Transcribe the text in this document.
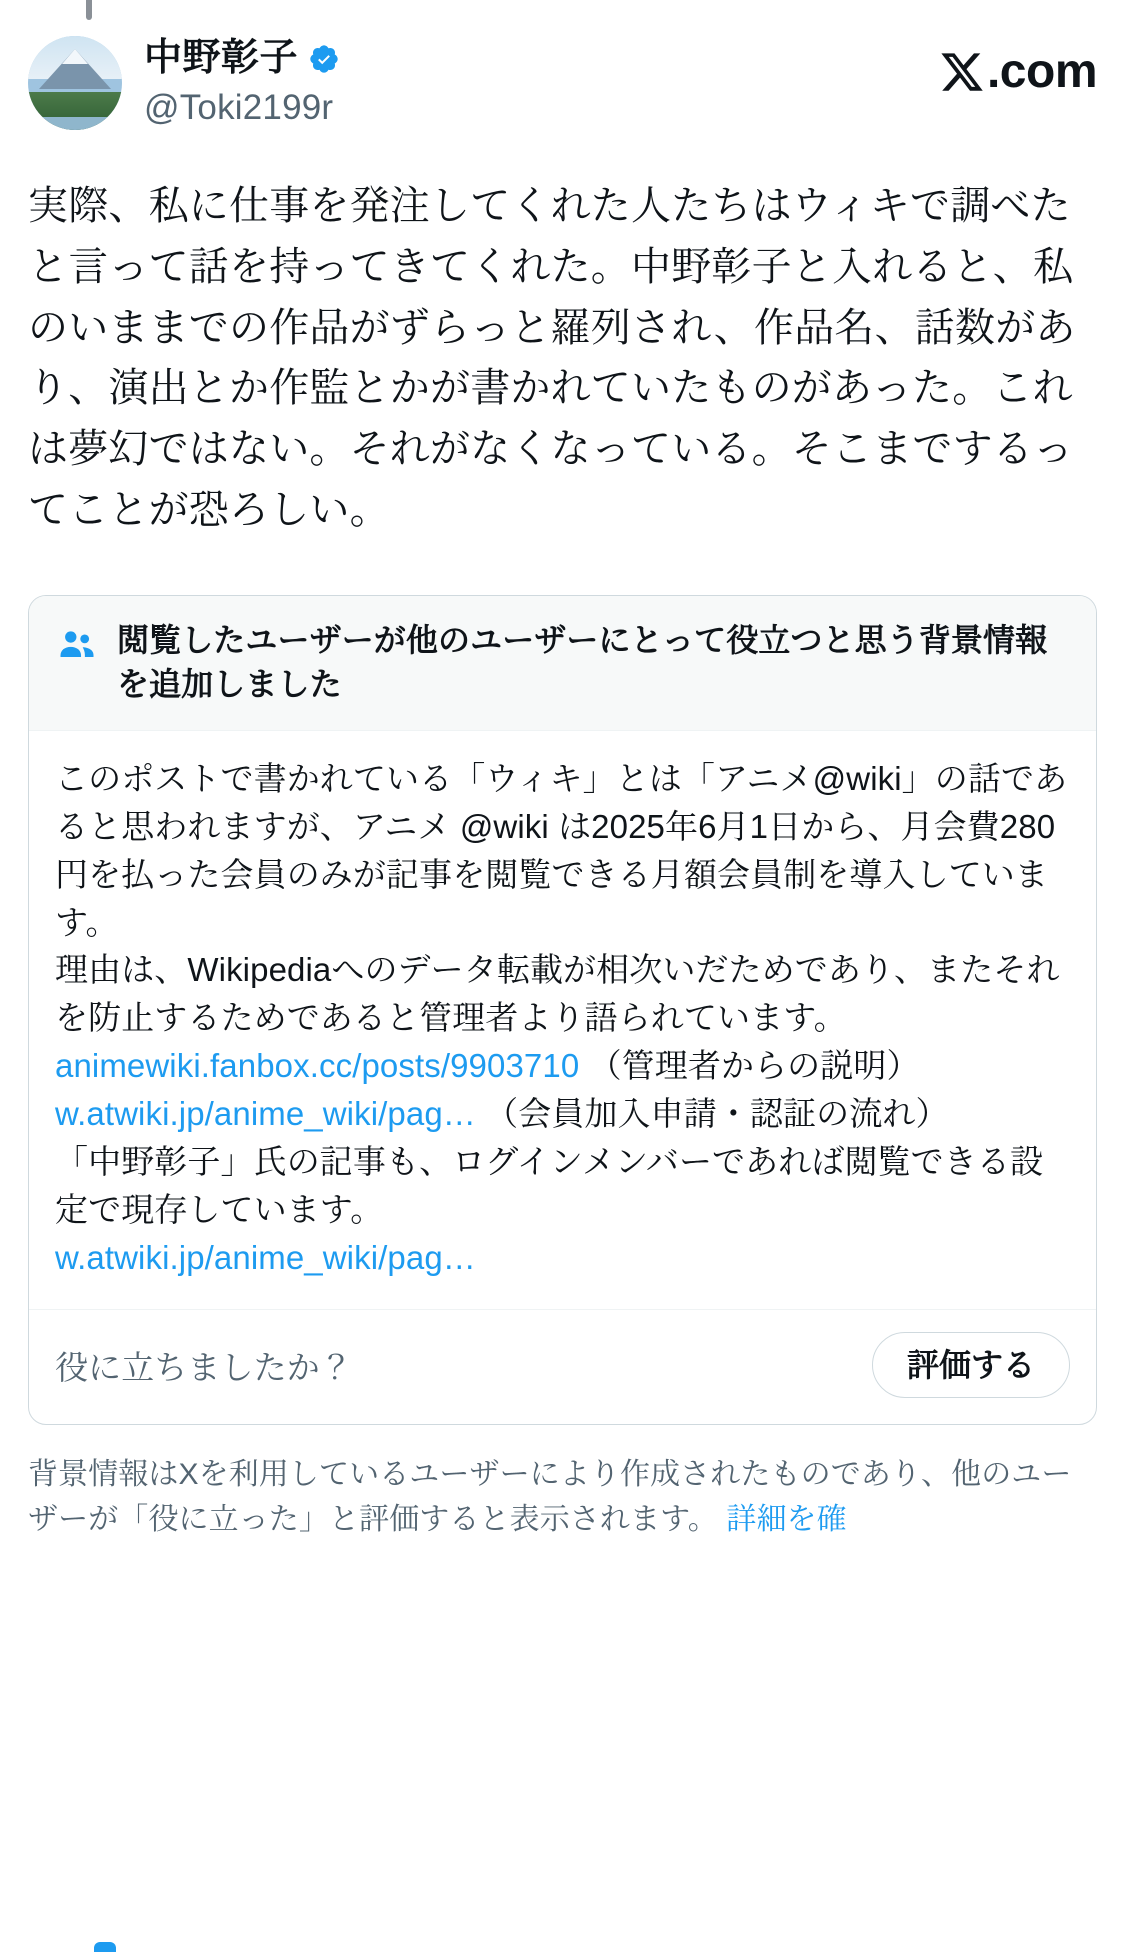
中野彰子
@Toki2199r
.com
実際、私に仕事を発注してくれた人たちはウィキで調べたと言って話を持ってきてくれた。中野彰子と入れると、私のいままでの作品がずらっと羅列され、作品名、話数があり、演出とか作監とかが書かれていたものがあった。これは夢幻ではない。それがなくなっている。そこまでするってことが恐ろしい。
閲覧したユーザーが他のユーザーにとって役立つと思う背景情報を追加しました
このポストで書かれている「ウィキ」とは「アニメ@wiki」の話であると思われますが、アニメ @wiki は2025年6月1日から、月会費280円を払った会員のみが記事を閲覧できる月額会員制を導入しています。
理由は、Wikipediaへのデータ転載が相次いだためであり、またそれを防止するためであると管理者より語られています。
animewiki.fanbox.cc/posts/9903710 （管理者からの説明）
w.atwiki.jp/anime_wiki/pag… （会員加入申請・認証の流れ）
「中野彰子」氏の記事も、ログインメンバーであれば閲覧できる設定で現存しています。
w.atwiki.jp/anime_wiki/pag…
役に立ちましたか？	評価する
背景情報はXを利用しているユーザーにより作成されたものであり、他のユーザーが「役に立った」と評価すると表示されます。 詳細を確
